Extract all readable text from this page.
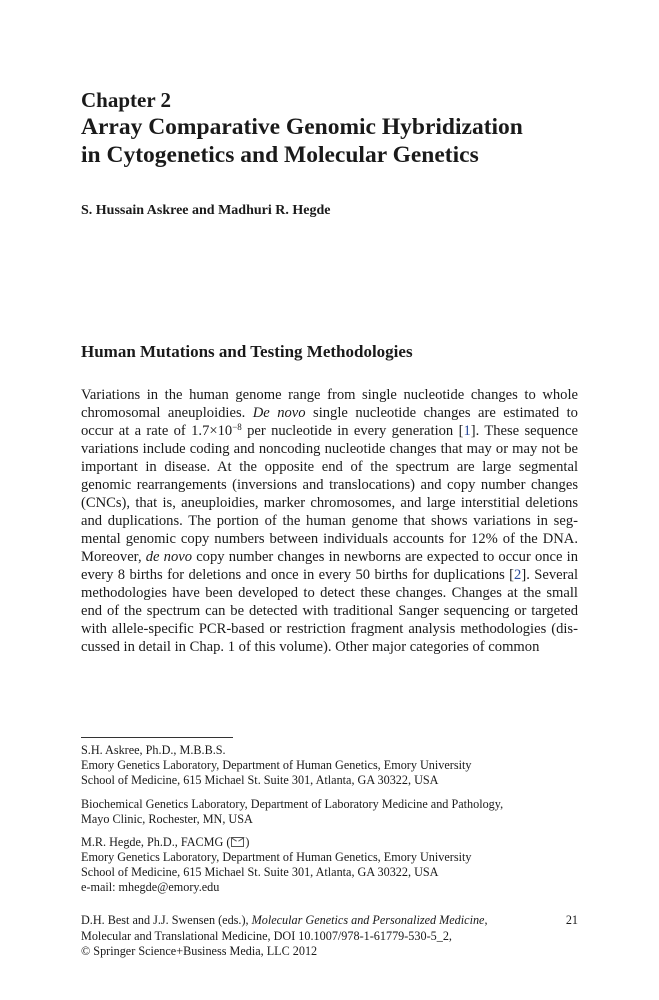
Chapter 2
Array Comparative Genomic Hybridization
in Cytogenetics and Molecular Genetics
S. Hussain Askree and Madhuri R. Hegde
Human Mutations and Testing Methodologies
Variations in the human genome range from single nucleotide changes to whole chromosomal aneuploidies. De novo single nucleotide changes are estimated to occur at a rate of $1.7\times 10^{-8}$ per nucleotide in every generation [1]. These sequence variations include coding and noncoding nucleotide changes that may or may not be important in disease. At the opposite end of the spectrum are large segmental genomic rearrangements (inversions and translocations) and copy number changes (CNCs), that is, aneuploidies, marker chromosomes, and large interstitial deletions and duplications. The portion of the human genome that shows variations in segmental genomic copy numbers between individuals accounts for 12% of the DNA. Moreover, de novo copy number changes in newborns are expected to occur once in every 8 births for deletions and once in every 50 births for duplications [2]. Several methodologies have been developed to detect these changes. Changes at the small end of the spectrum can be detected with traditional Sanger sequencing or targeted with allele-specific PCR-based or restriction fragment analysis methodologies (discussed in detail in Chap. 1 of this volume). Other major categories of common
S.H. Askree, Ph.D., M.B.B.S.
Emory Genetics Laboratory, Department of Human Genetics, Emory University
School of Medicine, 615 Michael St. Suite 301, Atlanta, GA 30322, USA
Biochemical Genetics Laboratory, Department of Laboratory Medicine and Pathology,
Mayo Clinic, Rochester, MN, USA
M.R. Hegde, Ph.D., FACMG ( )
Emory Genetics Laboratory, Department of Human Genetics, Emory University
School of Medicine, 615 Michael St. Suite 301, Atlanta, GA 30322, USA
e-mail: mhegde@emory.edu
D.H. Best and J.J. Swensen (eds.), Molecular Genetics and Personalized Medicine,
Molecular and Translational Medicine, DOI 10.1007/978-1-61779-530-5_2,
© Springer Science+Business Media, LLC 2012
21
